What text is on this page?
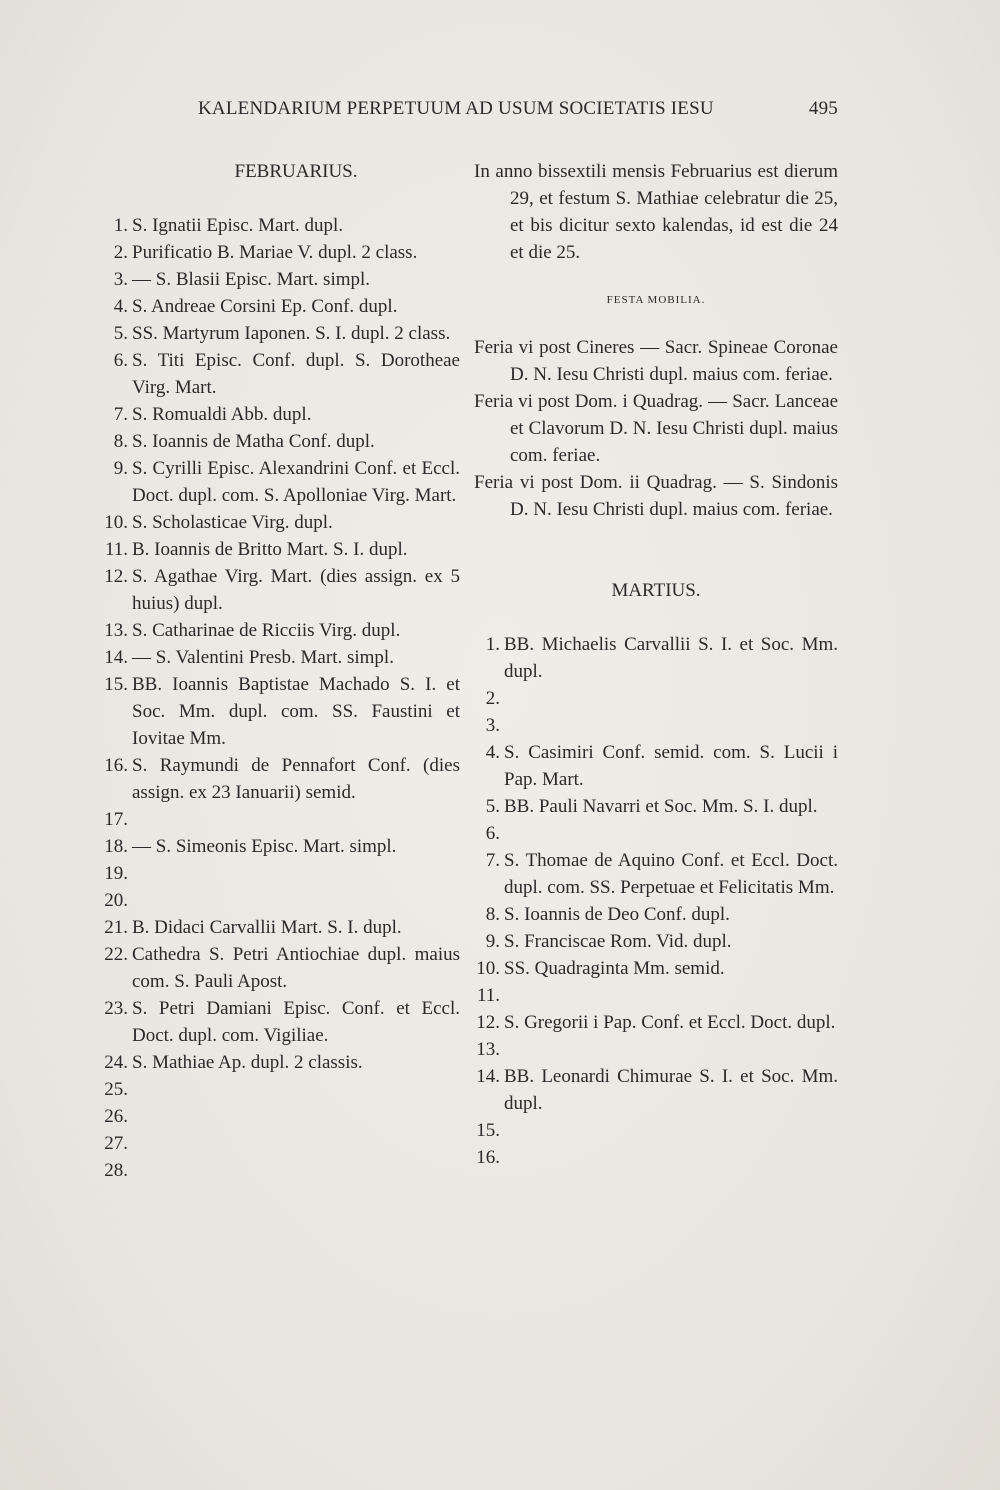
KALENDARIUM PERPETUUM AD USUM SOCIETATIS IESU	495
FEBRUARIUS.
1. S. Ignatii Episc. Mart. dupl.
2. Purificatio B. Mariae V. dupl. 2 class.
3. — S. Blasii Episc. Mart. simpl.
4. S. Andreae Corsini Ep. Conf. dupl.
5. SS. Martyrum Iaponen. S. I. dupl. 2 class.
6. S. Titi Episc. Conf. dupl. S. Dorotheae Virg. Mart.
7. S. Romualdi Abb. dupl.
8. S. Ioannis de Matha Conf. dupl.
9. S. Cyrilli Episc. Alexandrini Conf. et Eccl. Doct. dupl. com. S. Apolloniae Virg. Mart.
10. S. Scholasticae Virg. dupl.
11. B. Ioannis de Britto Mart. S. I. dupl.
12. S. Agathae Virg. Mart. (dies assign. ex 5 huius) dupl.
13. S. Catharinae de Ricciis Virg. dupl.
14. — S. Valentini Presb. Mart. simpl.
15. BB. Ioannis Baptistae Machado S. I. et Soc. Mm. dupl. com. SS. Faustini et Iovitae Mm.
16. S. Raymundi de Pennafort Conf. (dies assign. ex 23 Ianuarii) semid.
17.

18. — S. Simeonis Episc. Mart. simpl.
19.

20.

21. B. Didaci Carvallii Mart. S. I. dupl.
22. Cathedra S. Petri Antiochiae dupl. maius com. S. Pauli Apost.
23. S. Petri Damiani Episc. Conf. et Eccl. Doct. dupl. com. Vigiliae.
24. S. Mathiae Ap. dupl. 2 classis.
25.

26.

27.

28.

In anno bissextili mensis Februarius est dierum 29, et festum S. Mathiae celebratur die 25, et bis dicitur sexto kalendas, id est die 24 et die 25.
FESTA MOBILIA.
Feria vi post Cineres — Sacr. Spineae Coronae D. N. Iesu Christi dupl. maius com. feriae.
Feria vi post Dom. i Quadrag. — Sacr. Lanceae et Clavorum D. N. Iesu Christi dupl. maius com. feriae.
Feria vi post Dom. ii Quadrag. — S. Sindonis D. N. Iesu Christi dupl. maius com. feriae.
MARTIUS.
1. BB. Michaelis Carvallii S. I. et Soc. Mm. dupl.
2.

3.

4. S. Casimiri Conf. semid. com. S. Lucii i Pap. Mart.
5. BB. Pauli Navarri et Soc. Mm. S. I. dupl.
6.

7. S. Thomae de Aquino Conf. et Eccl. Doct. dupl. com. SS. Perpetuae et Felicitatis Mm.
8. S. Ioannis de Deo Conf. dupl.
9. S. Franciscae Rom. Vid. dupl.
10. SS. Quadraginta Mm. semid.
11.

12. S. Gregorii i Pap. Conf. et Eccl. Doct. dupl.
13.

14. BB. Leonardi Chimurae S. I. et Soc. Mm. dupl.
15.

16.
